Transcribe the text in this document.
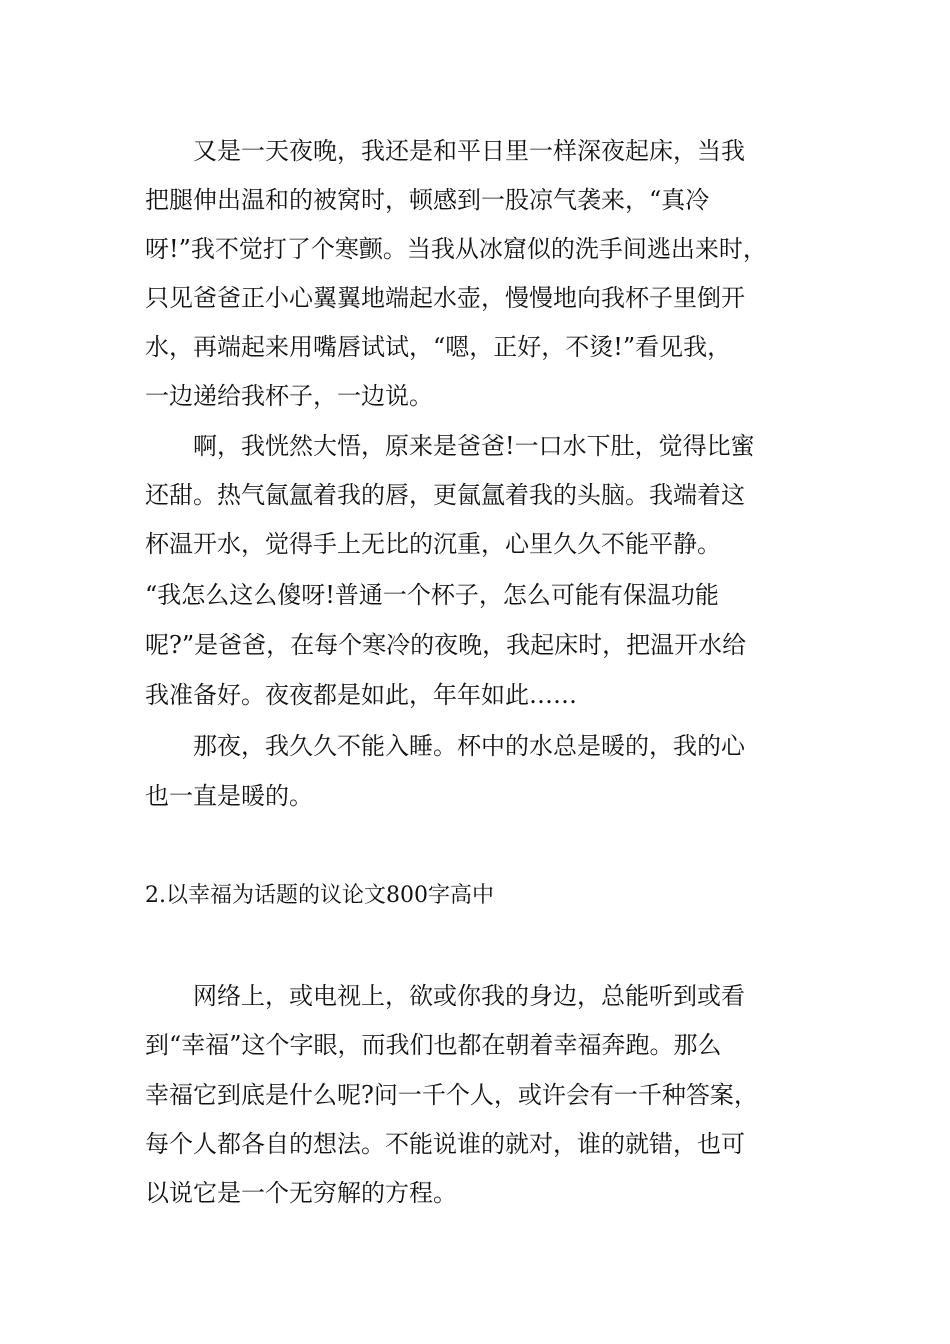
　　又是一天夜晚，我还是和平日里一样深夜起床，当我
把腿伸出温和的被窝时，顿感到一股凉气袭来，“真冷
呀!”我不觉打了个寒颤。当我从冰窟似的洗手间逃出来时，
只见爸爸正小心翼翼地端起水壶，慢慢地向我杯子里倒开
水，再端起来用嘴唇试试，“嗯，正好，不烫!”看见我，
一边递给我杯子，一边说。
　　啊，我恍然大悟，原来是爸爸!一口水下肚，觉得比蜜
还甜。热气氤氲着我的唇，更氤氲着我的头脑。我端着这
杯温开水，觉得手上无比的沉重，心里久久不能平静。
“我怎么这么傻呀!普通一个杯子，怎么可能有保温功能
呢?”是爸爸，在每个寒冷的夜晚，我起床时，把温开水给
我准备好。夜夜都是如此，年年如此……
　　那夜，我久久不能入睡。杯中的水总是暖的，我的心
也一直是暖的。
2.以幸福为话题的议论文800字高中
　　网络上，或电视上，欲或你我的身边，总能听到或看
到“幸福”这个字眼，而我们也都在朝着幸福奔跑。那么
幸福它到底是什么呢?问一千个人，或许会有一千种答案，
每个人都各自的想法。不能说谁的就对，谁的就错，也可
以说它是一个无穷解的方程。
